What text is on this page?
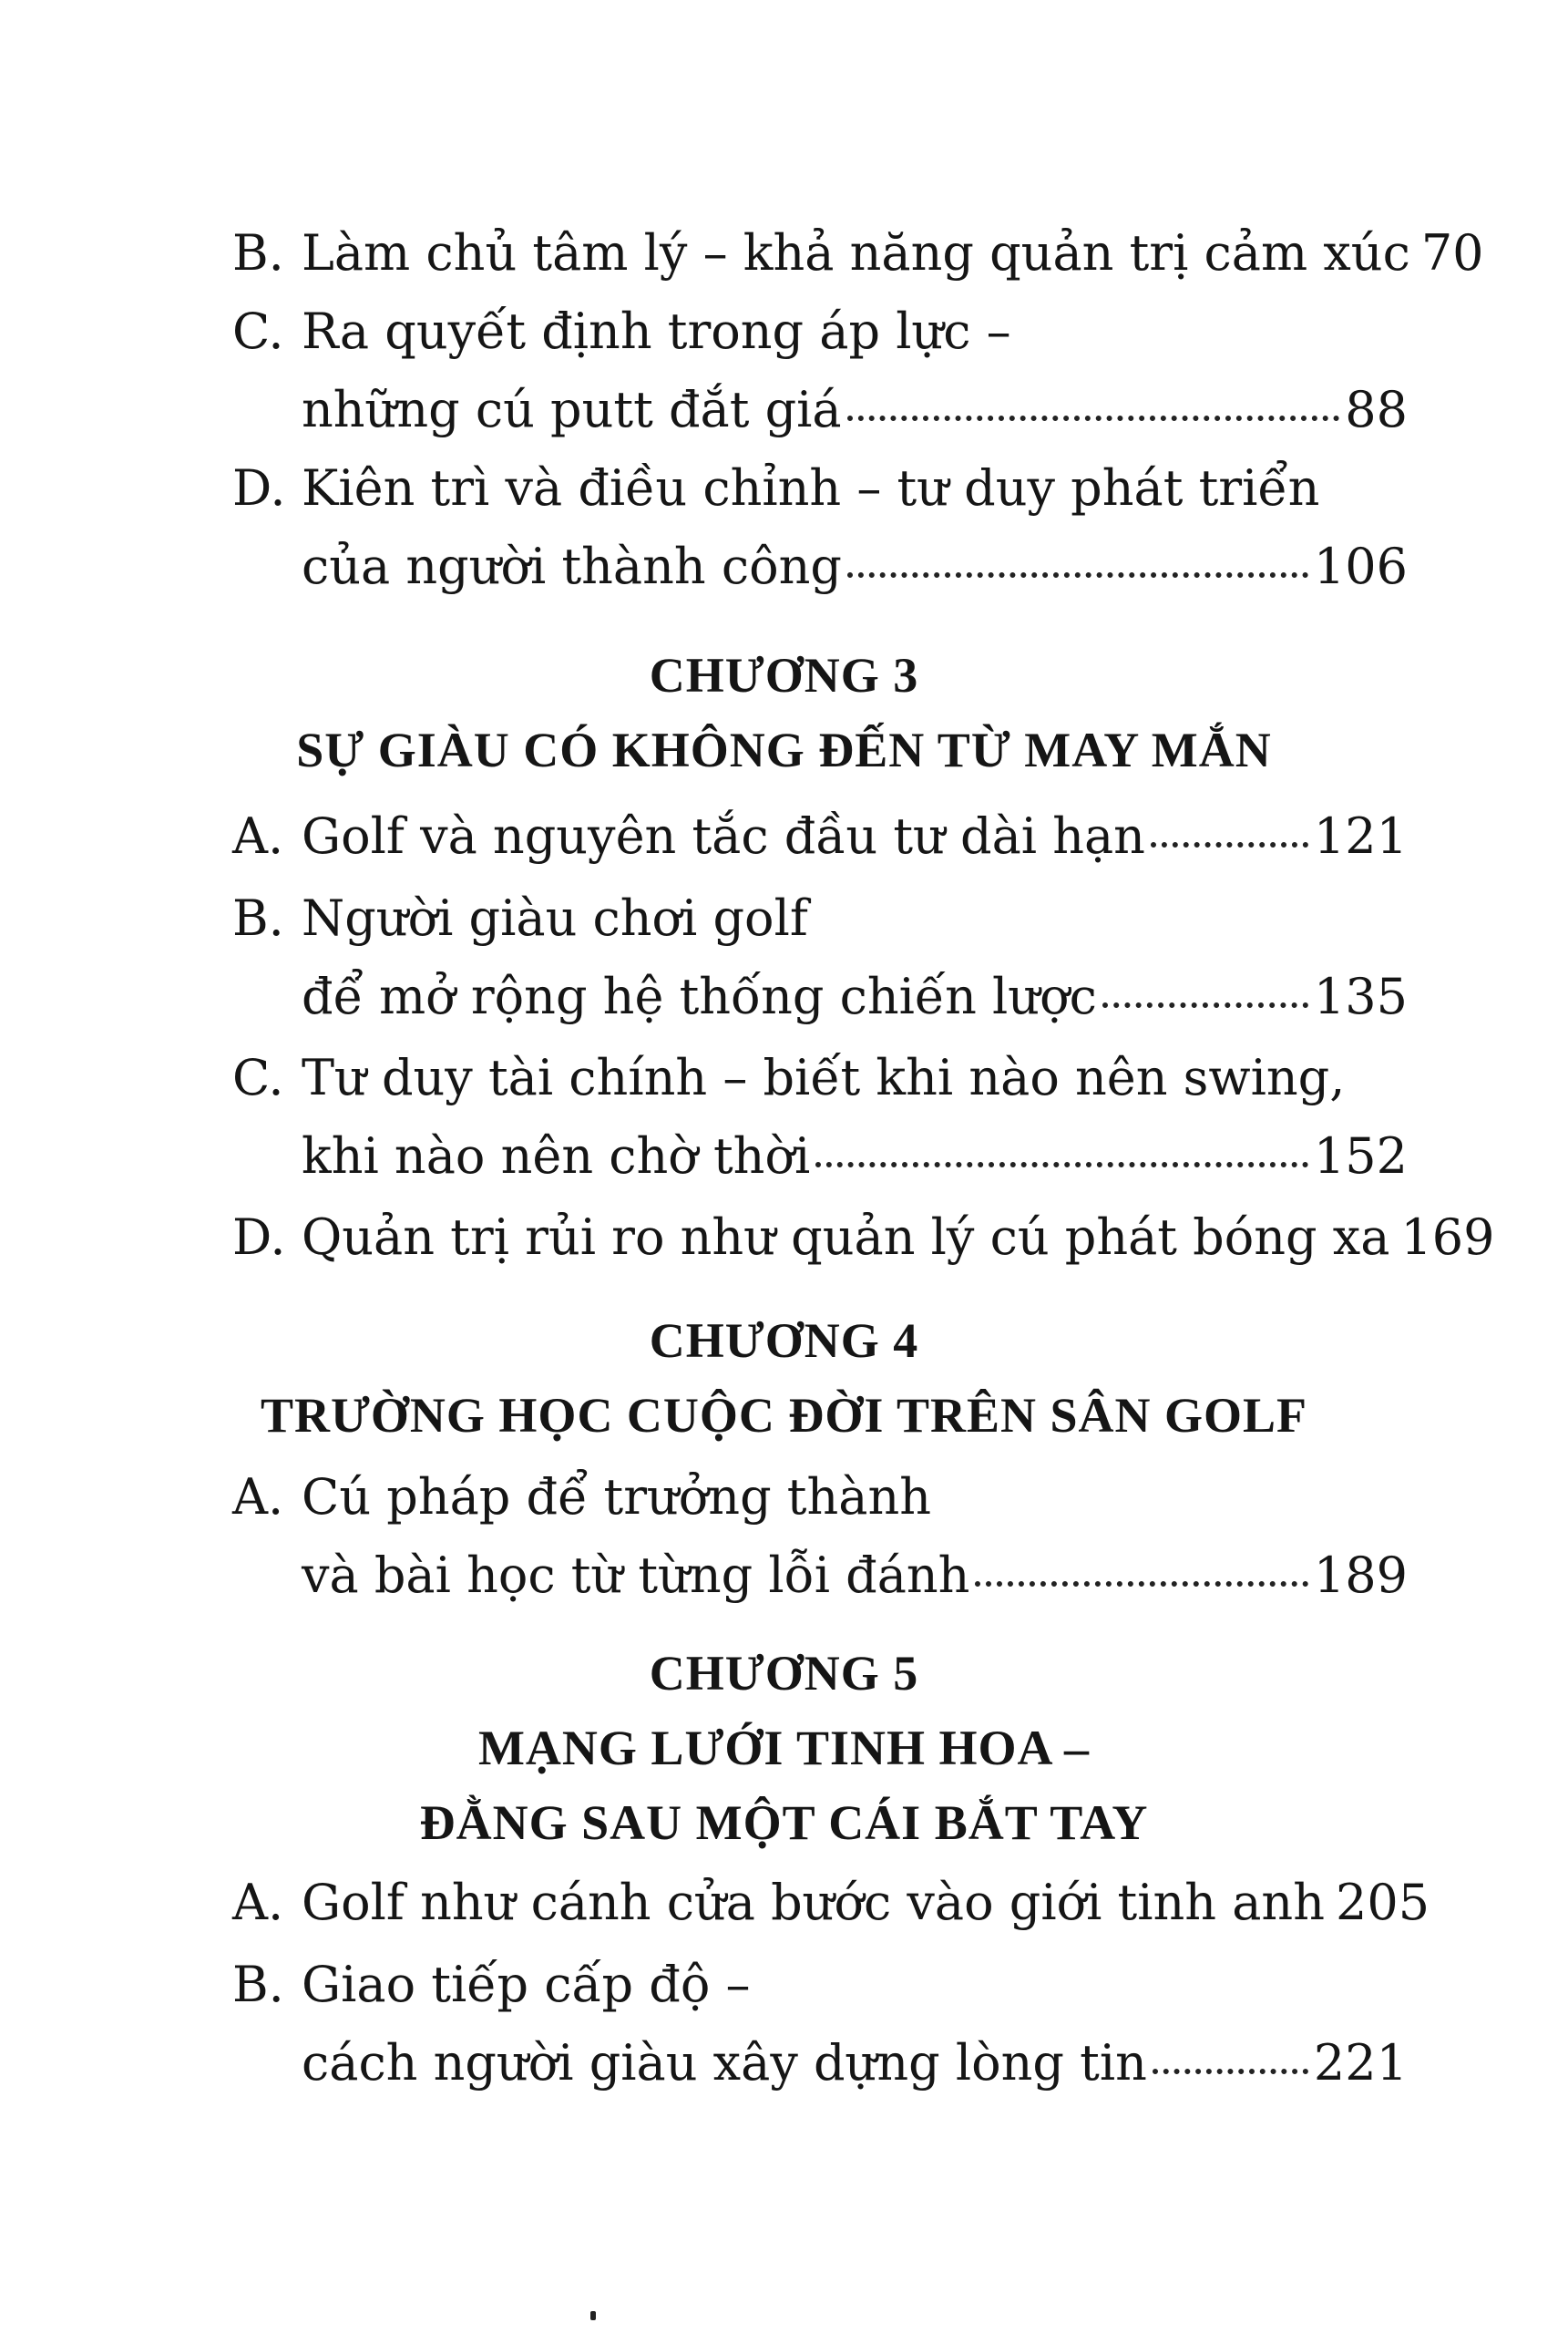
B. Làm chủ tâm lý – khả năng quản trị cảm xúc 70
C. Ra quyết định trong áp lực –
những cú putt đắt giá	88
D. Kiên trì và điều chỉnh – tư duy phát triển
của người thành công	106
CHƯƠNG 3
SỰ GIÀU CÓ KHÔNG ĐẾN TỪ MAY MẮN
A. Golf và nguyên tắc đầu tư dài hạn	121
B. Người giàu chơi golf
để mở rộng hệ thống chiến lược	135
C. Tư duy tài chính – biết khi nào nên swing,
khi nào nên chờ thời	152
D. Quản trị rủi ro như quản lý cú phát bóng xa 169
CHƯƠNG 4
TRƯỜNG HỌC CUỘC ĐỜI TRÊN SÂN GOLF
A. Cú pháp để trưởng thành
và bài học từ từng lỗi đánh	189
CHƯƠNG 5
MẠNG LƯỚI TINH HOA –
ĐẰNG SAU MỘT CÁI BẮT TAY
A. Golf như cánh cửa bước vào giới tinh anh 205
B. Giao tiếp cấp độ –
cách người giàu xây dựng lòng tin	221
